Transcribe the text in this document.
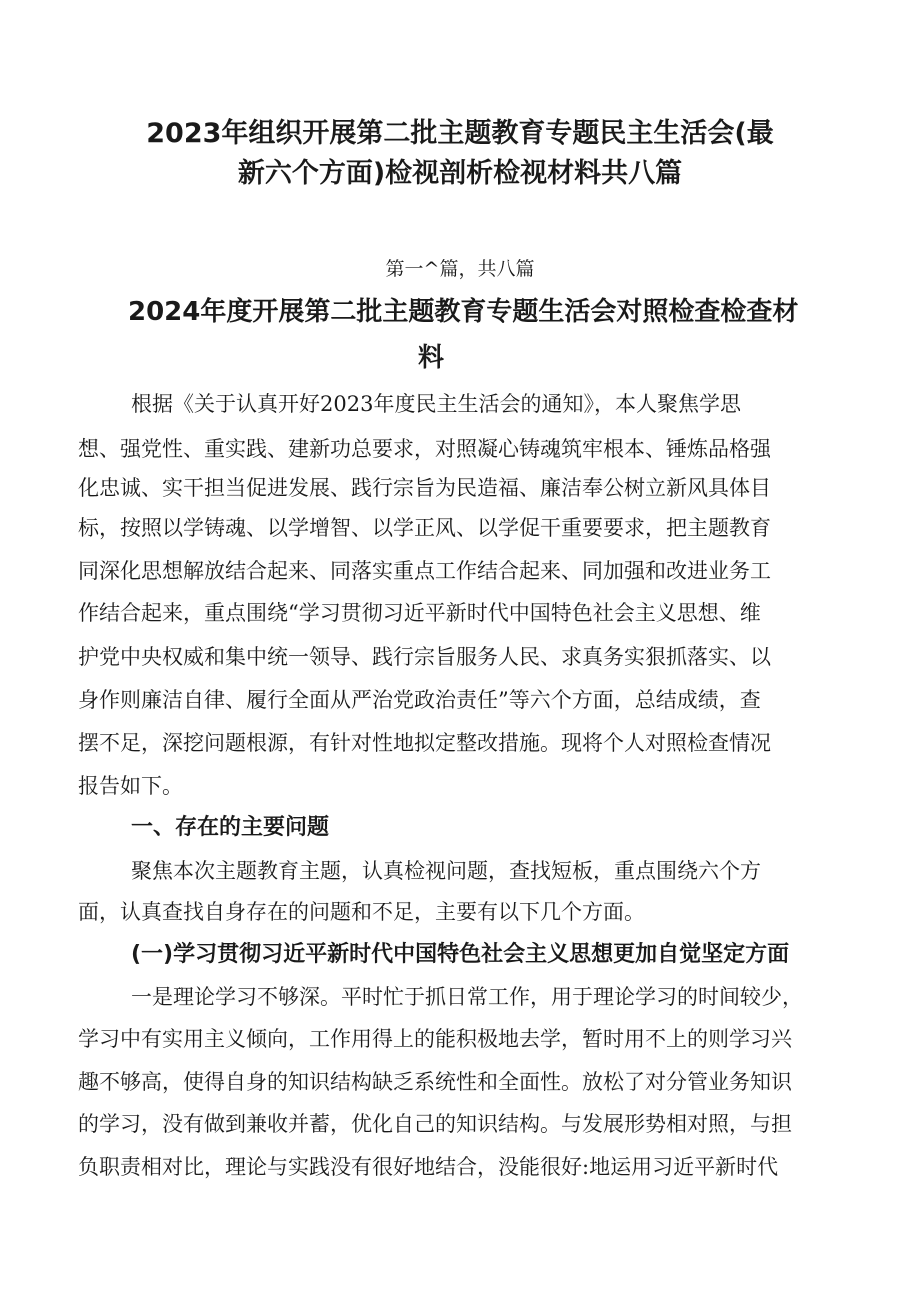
2023年组织开展第二批主题教育专题民主生活会(最
新六个方面)检视剖析检视材料共八篇

第一^篇，共八篇

2024年度开展第二批主题教育专题生活会对照检查检查材
料

根据《关于认真开好2023年度民主生活会的通知》，本人聚焦学思

想、强党性、重实践、建新功总要求，对照凝心铸魂筑牢根本、锤炼品格强

化忠诚、实干担当促进发展、践行宗旨为民造福、廉洁奉公树立新风具体目

标，按照以学铸魂、以学增智、以学正风、以学促干重要要求，把主题教育

同深化思想解放结合起来、同落实重点工作结合起来、同加强和改进业务工

作结合起来，重点围绕“学习贯彻习近平新时代中国特色社会主义思想、维

护党中央权威和集中统一领导、践行宗旨服务人民、求真务实狠抓落实、以

身作则廉洁自律、履行全面从严治党政治责任”等六个方面，总结成绩，查

摆不足，深挖问题根源，有针对性地拟定整改措施。现将个人对照检查情况

报告如下。

一、存在的主要问题

聚焦本次主题教育主题，认真检视问题，查找短板，重点围绕六个方

面，认真查找自身存在的问题和不足，主要有以下几个方面。

(一)学习贯彻习近平新时代中国特色社会主义思想更加自觉坚定方面

一是理论学习不够深。平时忙于抓日常工作，用于理论学习的时间较少，

学习中有实用主义倾向，工作用得上的能积极地去学，暂时用不上的则学习兴

趣不够高，使得自身的知识结构缺乏系统性和全面性。放松了对分管业务知识

的学习，没有做到兼收并蓄，优化自己的知识结构。与发展形势相对照，与担

负职责相对比，理论与实践没有很好地结合，没能很好:地运用习近平新时代
